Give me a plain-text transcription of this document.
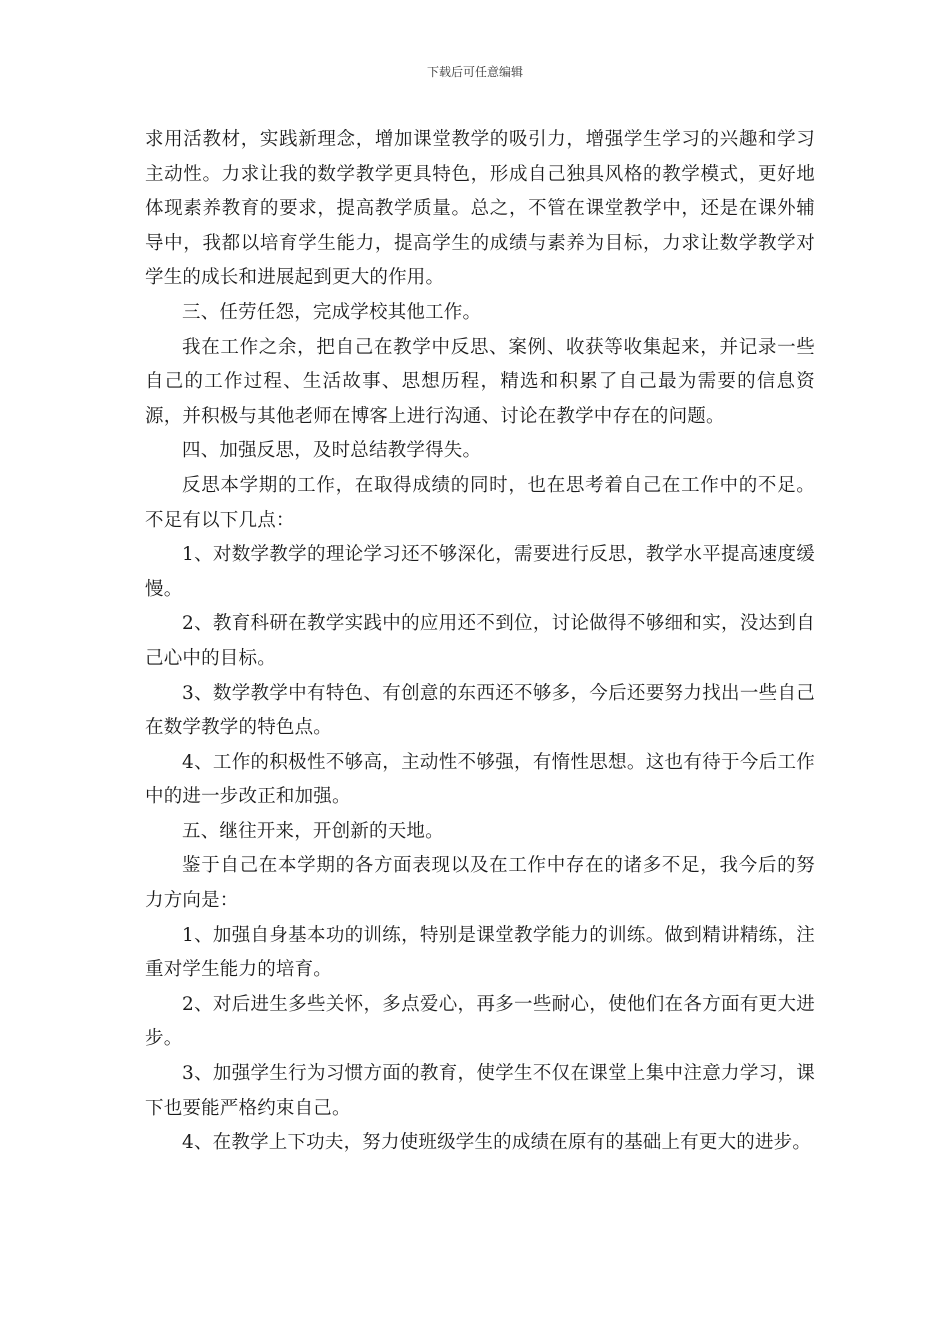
下载后可任意编辑

求用活教材，实践新理念，增加课堂教学的吸引力，增强学生学习的兴趣和学习主动性。力求让我的数学教学更具特色，形成自己独具风格的教学模式，更好地体现素养教育的要求，提高教学质量。总之，不管在课堂教学中，还是在课外辅导中，我都以培育学生能力，提高学生的成绩与素养为目标，力求让数学教学对学生的成长和进展起到更大的作用。

三、任劳任怨，完成学校其他工作。

我在工作之余，把自己在教学中反思、案例、收获等收集起来，并记录一些自己的工作过程、生活故事、思想历程，精选和积累了自己最为需要的信息资源，并积极与其他老师在博客上进行沟通、讨论在教学中存在的问题。

四、加强反思，及时总结教学得失。

反思本学期的工作，在取得成绩的同时，也在思考着自己在工作中的不足。不足有以下几点：

1、对数学教学的理论学习还不够深化，需要进行反思，教学水平提高速度缓慢。

2、教育科研在教学实践中的应用还不到位，讨论做得不够细和实，没达到自己心中的目标。

3、数学教学中有特色、有创意的东西还不够多，今后还要努力找出一些自己在数学教学的特色点。

4、工作的积极性不够高，主动性不够强，有惰性思想。这也有待于今后工作中的进一步改正和加强。

五、继往开来，开创新的天地。

鉴于自己在本学期的各方面表现以及在工作中存在的诸多不足，我今后的努力方向是：

1、加强自身基本功的训练，特别是课堂教学能力的训练。做到精讲精练，注重对学生能力的培育。

2、对后进生多些关怀，多点爱心，再多一些耐心，使他们在各方面有更大进步。

3、加强学生行为习惯方面的教育，使学生不仅在课堂上集中注意力学习，课下也要能严格约束自己。

4、在教学上下功夫，努力使班级学生的成绩在原有的基础上有更大的进步。
